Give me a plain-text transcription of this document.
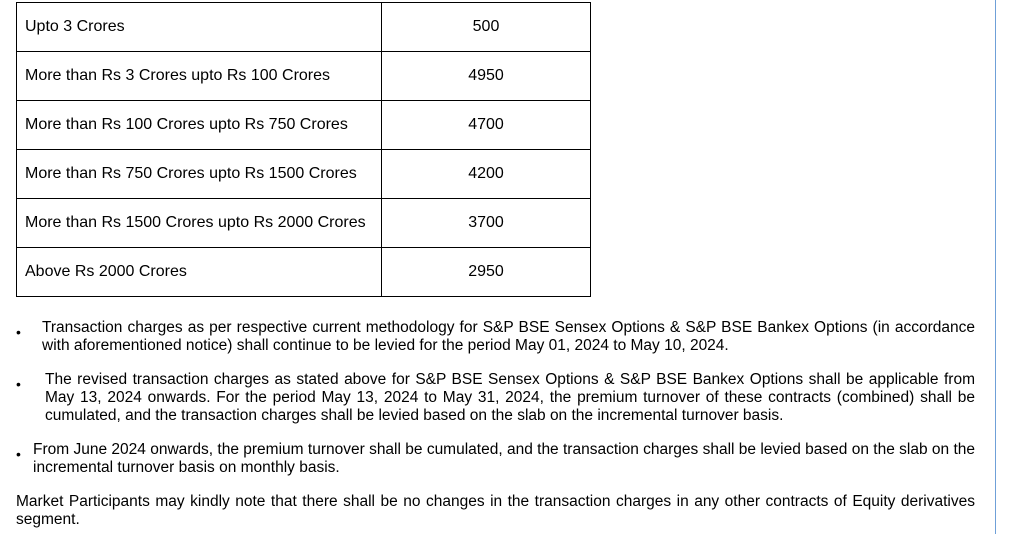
Upto 3 Crores	500
More than Rs 3 Crores upto Rs 100 Crores	4950
More than Rs 100 Crores upto Rs 750 Crores	4700
More than Rs 750 Crores upto Rs 1500 Crores	4200
More than Rs 1500 Crores upto Rs 2000 Crores	3700
Above Rs 2000 Crores	2950

• Transaction charges as per respective current methodology for S&P BSE Sensex Options & S&P BSE Bankex Options (in accordance with aforementioned notice) shall continue to be levied for the period May 01, 2024 to May 10, 2024.

• The revised transaction charges as stated above for S&P BSE Sensex Options & S&P BSE Bankex Options shall be applicable from May 13, 2024 onwards. For the period May 13, 2024 to May 31, 2024, the premium turnover of these contracts (combined) shall be cumulated, and the transaction charges shall be levied based on the slab on the incremental turnover basis.

• From June 2024 onwards, the premium turnover shall be cumulated, and the transaction charges shall be levied based on the slab on the incremental turnover basis on monthly basis.

Market Participants may kindly note that there shall be no changes in the transaction charges in any other contracts of Equity derivatives segment.
